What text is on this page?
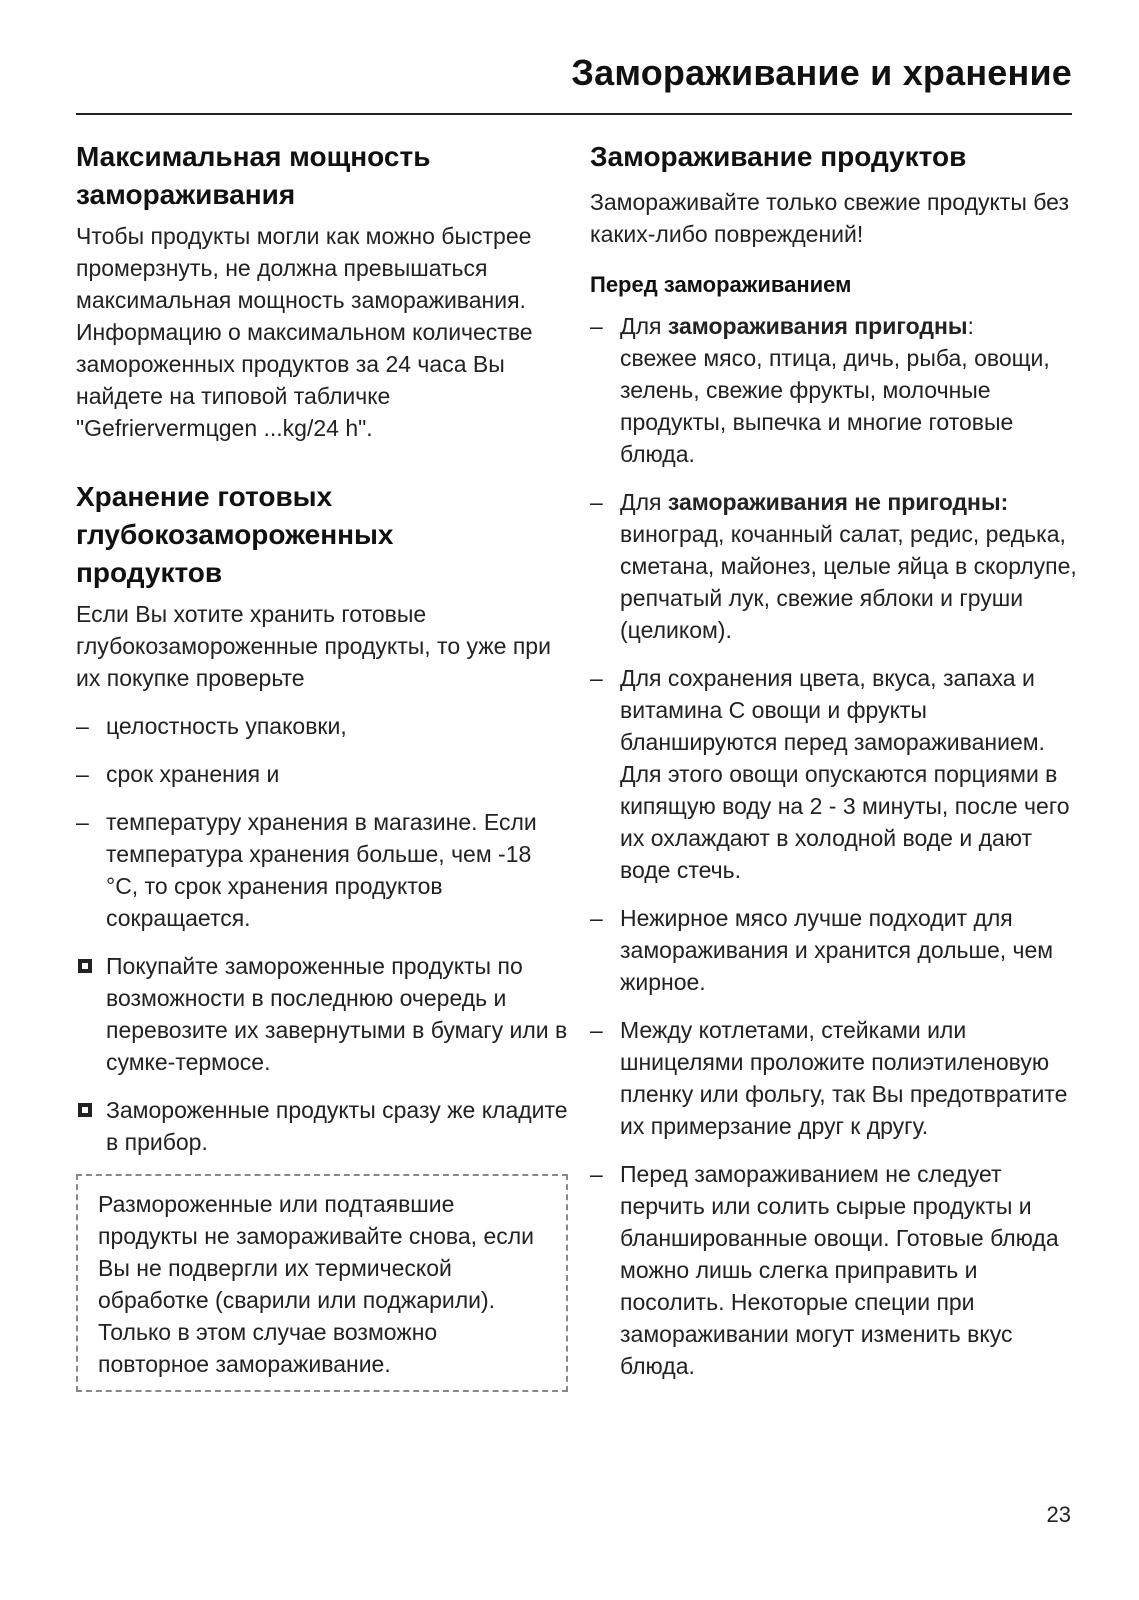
Замораживание и хранение
Максимальная мощность
замораживания

Чтобы продукты могли как можно быстрее промерзнуть, не должна превышаться максимальная мощность замораживания. Информацию о максимальном количестве замороженных продуктов за 24 часа Вы найдете на типовой табличке "Gefriervermцgen ...kg/24 h".

Хранение готовых
глубокозамороженных
продуктов

Если Вы хотите хранить готовые глубокозамороженные продукты, то уже при их покупке проверьте

– целостность упаковки,
– срок хранения и
– температуру хранения в магазине. Если температура хранения больше, чем -18 °C, то срок хранения продуктов сокращается.
Покупайте замороженные продукты по возможности в последнюю очередь и перевозите их завернутыми в бумагу или в сумке-термосе.
Замороженные продукты сразу же кладите в прибор.
Размороженные или подтаявшие продукты не замораживайте снова, если Вы не подвергли их термической обработке (сварили или поджарили). Только в этом случае возможно повторное замораживание.
Замораживание продуктов

Замораживайте только свежие продукты без каких-либо повреждений!

Перед замораживанием
– Для замораживания пригодны:
свежее мясо, птица, дичь, рыба, овощи, зелень, свежие фрукты, молочные продукты, выпечка и многие готовые блюда.
– Для замораживания не пригодны:
виноград, кочанный салат, редис, редька, сметана, майонез, целые яйца в скорлупе, репчатый лук, свежие яблоки и груши (целиком).
– Для сохранения цвета, вкуса, запаха и витамина С овощи и фрукты бланшируются перед замораживанием. Для этого овощи опускаются порциями в кипящую воду на 2 - 3 минуты, после чего их охлаждают в холодной воде и дают воде стечь.
– Нежирное мясо лучше подходит для замораживания и хранится дольше, чем жирное.
– Между котлетами, стейками или шницелями проложите полиэтиленовую пленку или фольгу, так Вы предотвратите их примерзание друг к другу.
– Перед замораживанием не следует перчить или солить сырые продукты и бланшированные овощи. Готовые блюда можно лишь слегка приправить и посолить. Некоторые специи при замораживании могут изменить вкус блюда.
23
